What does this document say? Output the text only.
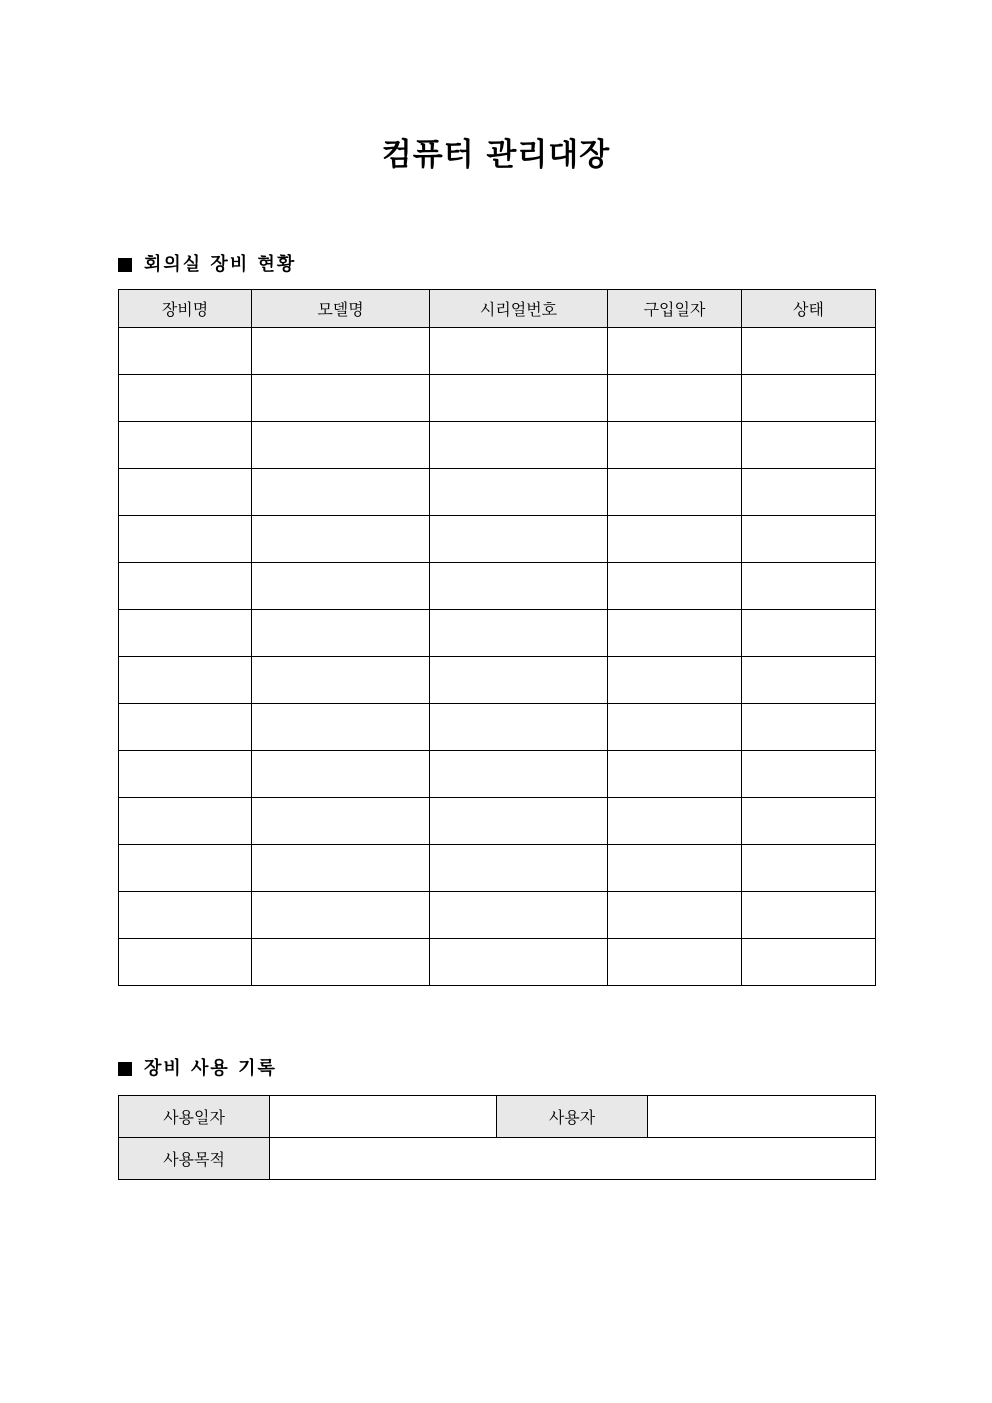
컴퓨터 관리대장
회의실 장비 현황
장비명	모델명	시리얼번호	구입일자	상태

장비 사용 기록
사용일자		사용자	
사용목적			
